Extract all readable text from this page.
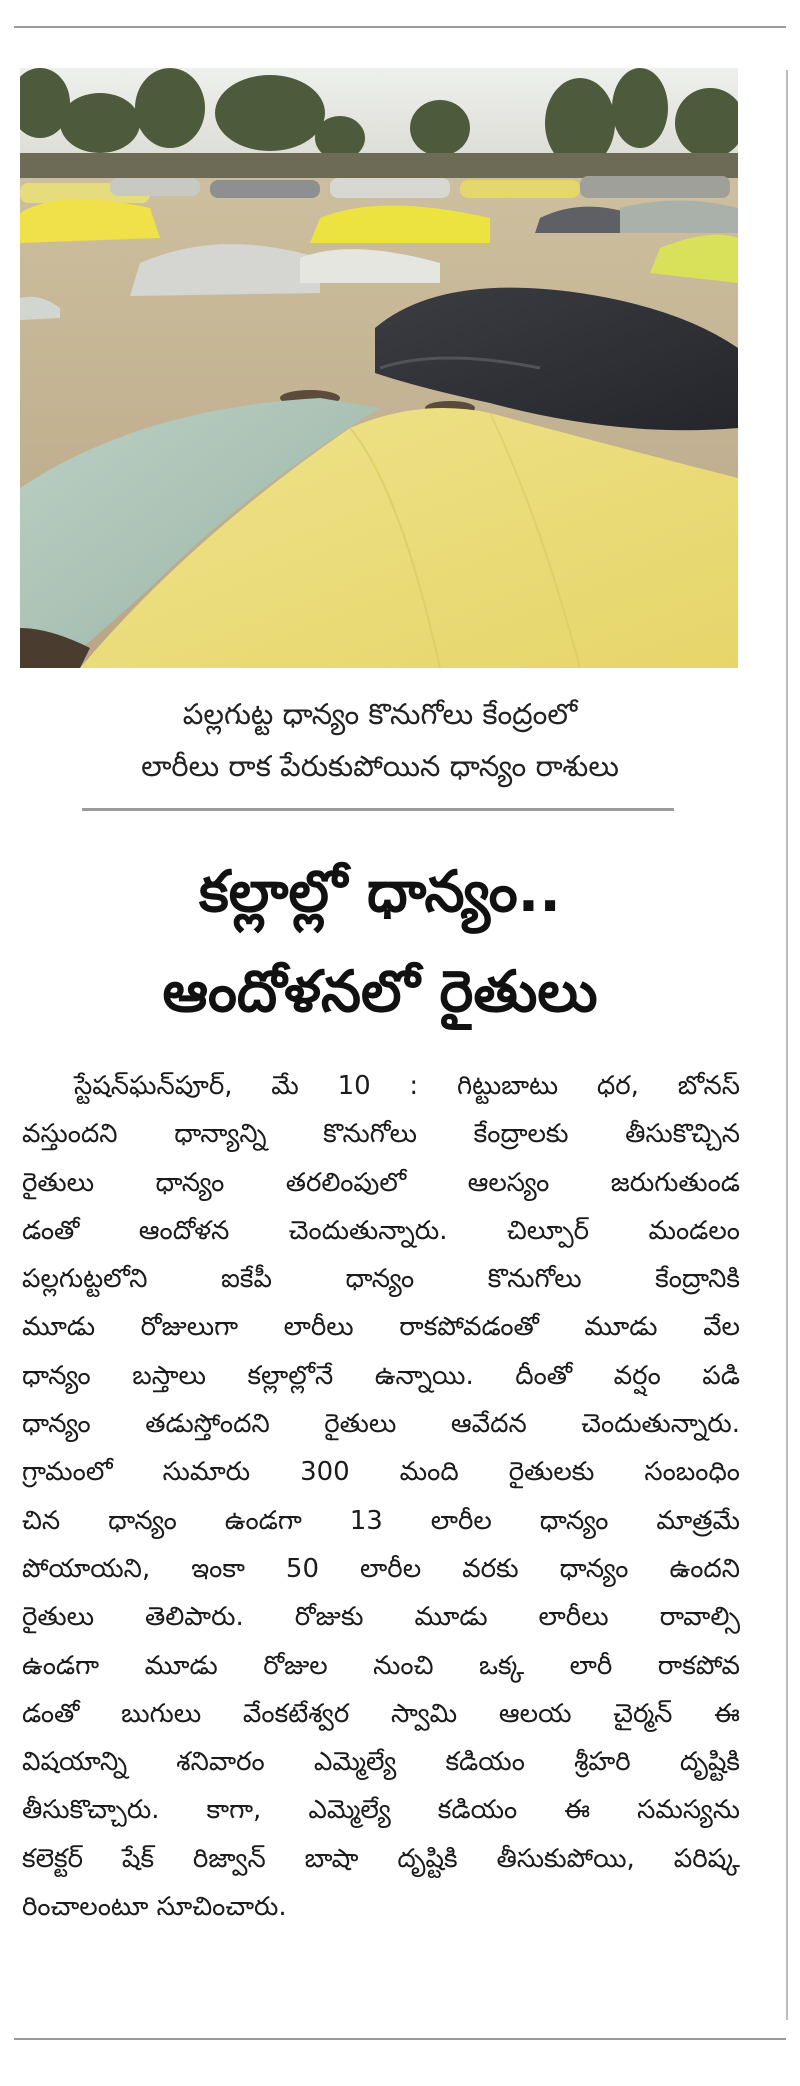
పల్లగుట్ట ధాన్యం కొనుగోలు కేంద్రంలో
లారీలు రాక పేరుకుపోయిన ధాన్యం రాశులు
కల్లాల్లో ధాన్యం..
ఆందోళనలో రైతులు
స్టేషన్‌ఘన్‌పూర్, మే 10 : గిట్టుబాటు ధర, బోనస్
వస్తుందని ధాన్యాన్ని కొనుగోలు కేంద్రాలకు తీసుకొచ్చిన
రైతులు ధాన్యం తరలింపులో ఆలస్యం జరుగుతుండ
డంతో ఆందోళన చెందుతున్నారు. చిల్పూర్ మండలం
పల్లగుట్టలోని ఐకేపీ ధాన్యం కొనుగోలు కేంద్రానికి
మూడు రోజులుగా లారీలు రాకపోవడంతో మూడు వేల
ధాన్యం బస్తాలు కల్లాల్లోనే ఉన్నాయి. దీంతో వర్షం పడి
ధాన్యం తడుస్తోందని రైతులు ఆవేదన చెందుతున్నారు.
గ్రామంలో సుమారు 300 మంది రైతులకు సంబంధిం
చిన ధాన్యం ఉండగా 13 లారీల ధాన్యం మాత్రమే
పోయాయని, ఇంకా 50 లారీల వరకు ధాన్యం ఉందని
రైతులు తెలిపారు. రోజుకు మూడు లారీలు రావాల్సి
ఉండగా మూడు రోజుల నుంచి ఒక్క లారీ రాకపోవ
డంతో బుగులు వేంకటేశ్వర స్వామి ఆలయ చైర్మన్ ఈ
విషయాన్ని శనివారం ఎమ్మెల్యే కడియం శ్రీహరి దృష్టికి
తీసుకొచ్చారు. కాగా, ఎమ్మెల్యే కడియం ఈ సమస్యను
కలెక్టర్ షేక్ రిజ్వాన్ బాషా దృష్టికి తీసుకుపోయి, పరిష్క
రించాలంటూ సూచించారు.
